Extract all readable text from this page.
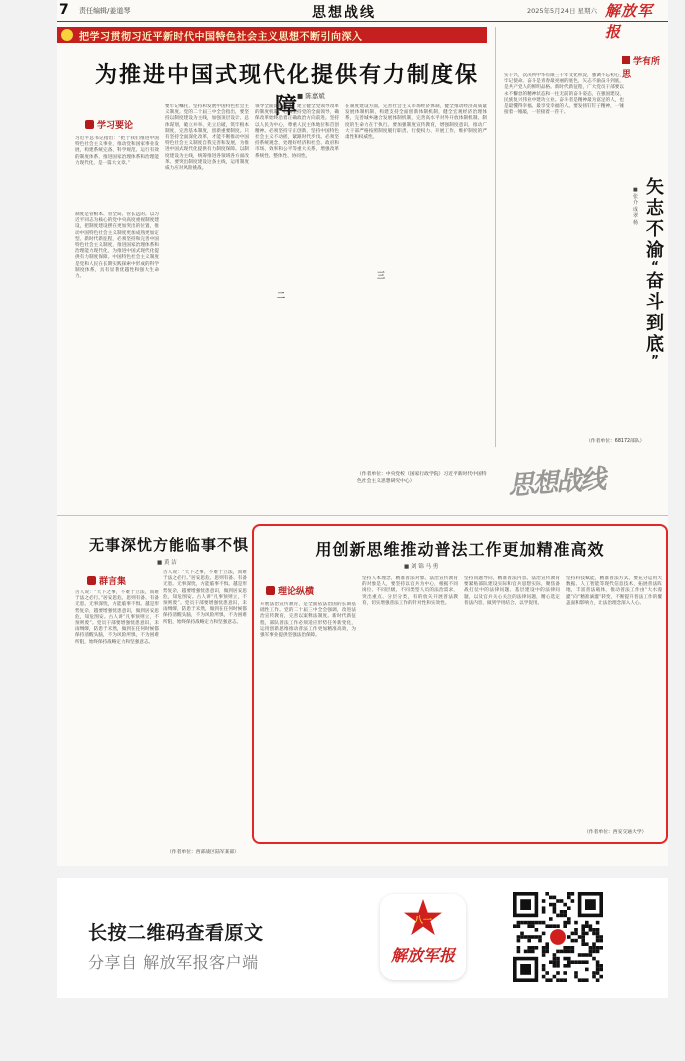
7 责任编辑/姜道琴	思想战线	2025年5月24日 星期六 解放军报
把学习贯彻习近平新时代中国特色社会主义思想不断引向深入
为推进中国式现代化提供有力制度保障
■ 陈嘉斌
学习要论
习近平总书记指出：“把于我们推进中国特色社会主义事业，推动党和国家事业发展，构建系统完备、科学规范、运行有效的制度体系，推进国家治理体系和治理能力现代化，是一篇大文章。”
制度是管根本、管全局、管长远的。以习近平同志为核心的党中央高度重视制度建设，把制度建设摆在更加突出的位置，推动中国特色社会主义制度更加成熟更加定型。新时代新征程，必须坚持和完善中国特色社会主义制度，推进国家治理体系和治理能力现代化，为推进中国式现代化提供有力制度保障。中国特色社会主义制度是党和人民在长期实践探索中形成的科学制度体系，具有显著优越性和强大生命力。
要牢记嘱托，坚持和发展中国特色社会主义制度。党的二十届三中全会指出，要坚持以制度建设为主线，加强顶层设计、总体谋划，破立并举、先立后破，筑牢根本制度，完善基本制度，创新重要制度。只有坚持全面深化改革，才能不断推动中国特色社会主义制度自我完善和发展，为推进中国式现代化提供有力制度保障。以制度建设为主线，统筹推进各领域各方面改革。要突出制度建设这条主线，运用制度威力应对风险挑战。
二
领导全面深化改革，建立健全党领导改革的制度机制。必须坚持党的全面领导，确保改革始终沿着正确政治方向前进。坚持以人民为中心，尊重人民主体地位和首创精神。必须坚持守正创新，坚持中国特色社会主义不动摇，紧跟时代步伐。必须坚持系统观念，处理好经济和社会、政府和市场、效率和公平等重大关系，增强改革系统性、整体性、协同性。
三
在制度建设方面，完善社会主义市场经济体制，健全推动经济高质量发展体制机制，构建支持全面创新体制机制，健全宏观经济治理体系，完善城乡融合发展体制机制，完善高水平对外开放体制机制。制度的生命力在于执行。要加强制度宣传教育，增强制度意识，推动广大干部严格按照制度履行职责、行使权力、开展工作，维护制度的严肃性和权威性。
（作者单位：中央党校（国家行政学院）习近平新时代中国特色社会主义思想研究中心）
学有所思
实干兴，次决所中华有限三千年文化积淀，强调不忘初心，牢记使命。奋斗是青春最亮丽的底色，矢志不渝奋斗到底，是共产党人的鲜明品格。新时代新征程，广大党员干部要以永不懈怠的精神状态和一往无前的奋斗姿态，在强国建设、民族复兴伟业中建功立业。奋斗者是精神最为富足的人，也是最懂得幸福、最享受幸福的人。要发扬钉钉子精神，一锤接着一锤敲，一茬接着一茬干。
矢
志
不
渝

“
奋
斗
到
底
”
■张介成 翠 杨
（作者单位：68172部队）
思想战线
无事深忧方能临事不惧
■ 黄 洁
群言集
古人说：“天下之事，不难于立法，而难于法之必行。”居安思危、思则有备、有备无患。无事深忧，方能临事不惧。越是形势复杂，越要增强忧患意识，做到居安思危，知危图安。古人讲“凡事预则立，不预则废”。党员干部要增强忧患意识，未雨绸缪，防患于未然，做到在任何时候都保持清醒头脑，不为风险所惧，不为困难所阻，始终保持战略定力和坚强意志。
古人说：“天下之事，不难于立法，而难于法之必行。”居安思危、思则有备、有备无患。无事深忧，方能临事不惧。越是形势复杂，越要增强忧患意识，做到居安思危，知危图安。古人讲“凡事预则立，不预则废”。党员干部要增强忧患意识，未雨绸缪，防患于未然，做到在任何时候都保持清醒头脑，不为风险所惧，不为困难所阻，始终保持战略定力和坚强意志。
（作者单位：西部战区陆军某部）
用创新思维推动普法工作更加精准高效
■ 刘 锦 马 勇
理论纵横
开展法治宣传教育，是全面依法治国的长期基础性工作。党的二十届三中全会强调，改进法治宣传教育，完善以案释法制度。新时代新征程，部队普法工作必须适应形势任务新变化，运用创新思维推动普法工作更加精准高效，为强军事业提供坚强法治保障。
坚持人本理念，精准普法对象。法治宣传教育的对象是人，要坚持以官兵为中心，根据不同岗位、不同层级、不同类型人员的法治需求，突出重点、分层分类，有的放矢开展普法教育，切实增强普法工作的针对性和实效性。
坚持问题导向，精准普法内容。法治宣传教育要紧贴部队建设实际和官兵思想实际，聚焦备战打仗中的法律问题、基层建设中的法律问题，以及官兵关心关注的法律问题，精心选定普法内容，做到学用结合、以学促用。
坚持科技赋能，精准普法方式。要充分运用大数据、人工智能等现代信息技术，拓展普法阵地，丰富普法载体，推动普法工作由“大水漫灌”向“精准滴灌”转变，不断提升普法工作的覆盖面和影响力，让法治理念深入人心。
（作者单位：西安交通大学）
长按二维码查看原文
分享自 解放军报客户端
八一
解放军报
